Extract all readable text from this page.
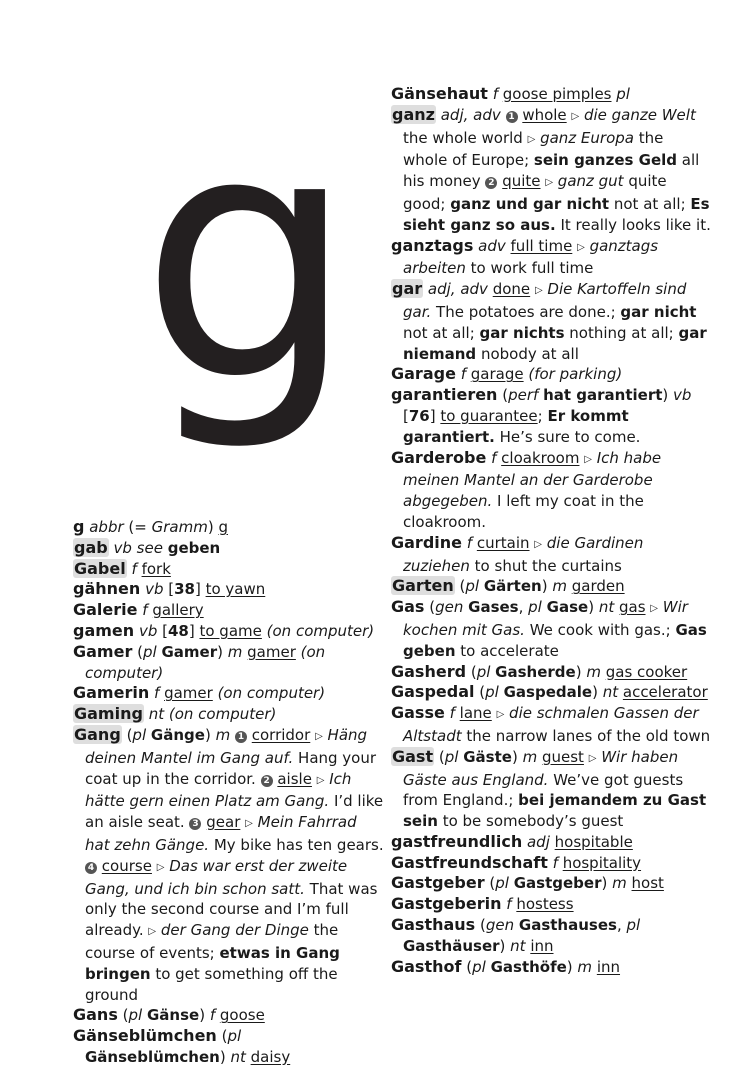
g

g abbr (= Gramm) g

gab vb see geben

Gabel f fork

gähnen vb [38] to yawn

Galerie f gallery

gamen vb [48] to game (on computer)

Gamer (pl Gamer) m gamer (on computer)

Gamerin f gamer (on computer)

Gaming nt (on computer)

Gang (pl Gänge) m 1 corridor ▷ Häng deinen Mantel im Gang auf. Hang your coat up in the corridor. 2 aisle ▷ Ich hätte gern einen Platz am Gang. I’d like an aisle seat. 3 gear ▷ Mein Fahrrad hat zehn Gänge. My bike has ten gears. 4 course ▷ Das war erst der zweite Gang, und ich bin schon satt. That was only the second course and I’m full already. ▷ der Gang der Dinge the course of events; etwas in Gang bringen to get something off the ground

Gans (pl Gänse) f goose

Gänseblümchen (pl Gänseblümchen) nt daisy

Gänsehaut f goose pimples pl

ganz adj, adv 1 whole ▷ die ganze Welt the whole world ▷ ganz Europa the whole of Europe; sein ganzes Geld all his money 2 quite ▷ ganz gut quite good; ganz und gar nicht not at all; Es sieht ganz so aus. It really looks like it.

ganztags adv full time ▷ ganztags arbeiten to work full time

gar adj, adv done ▷ Die Kartoffeln sind gar. The potatoes are done.; gar nicht not at all; gar nichts nothing at all; gar niemand nobody at all

Garage f garage (for parking)

garantieren (perf hat garantiert) vb [76] to guarantee; Er kommt garantiert. He’s sure to come.

Garderobe f cloakroom ▷ Ich habe meinen Mantel an der Garderobe abgegeben. I left my coat in the cloakroom.

Gardine f curtain ▷ die Gardinen zuziehen to shut the curtains

Garten (pl Gärten) m garden

Gas (gen Gases, pl Gase) nt gas ▷ Wir kochen mit Gas. We cook with gas.; Gas geben to accelerate

Gasherd (pl Gasherde) m gas cooker

Gaspedal (pl Gaspedale) nt accelerator

Gasse f lane ▷ die schmalen Gassen der Altstadt the narrow lanes of the old town

Gast (pl Gäste) m guest ▷ Wir haben Gäste aus England. We’ve got guests from England.; bei jemandem zu Gast sein to be somebody’s guest

gastfreundlich adj hospitable

Gastfreundschaft f hospitality

Gastgeber (pl Gastgeber) m host

Gastgeberin f hostess

Gasthaus (gen Gasthauses, pl Gasthäuser) nt inn

Gasthof (pl Gasthöfe) m inn
